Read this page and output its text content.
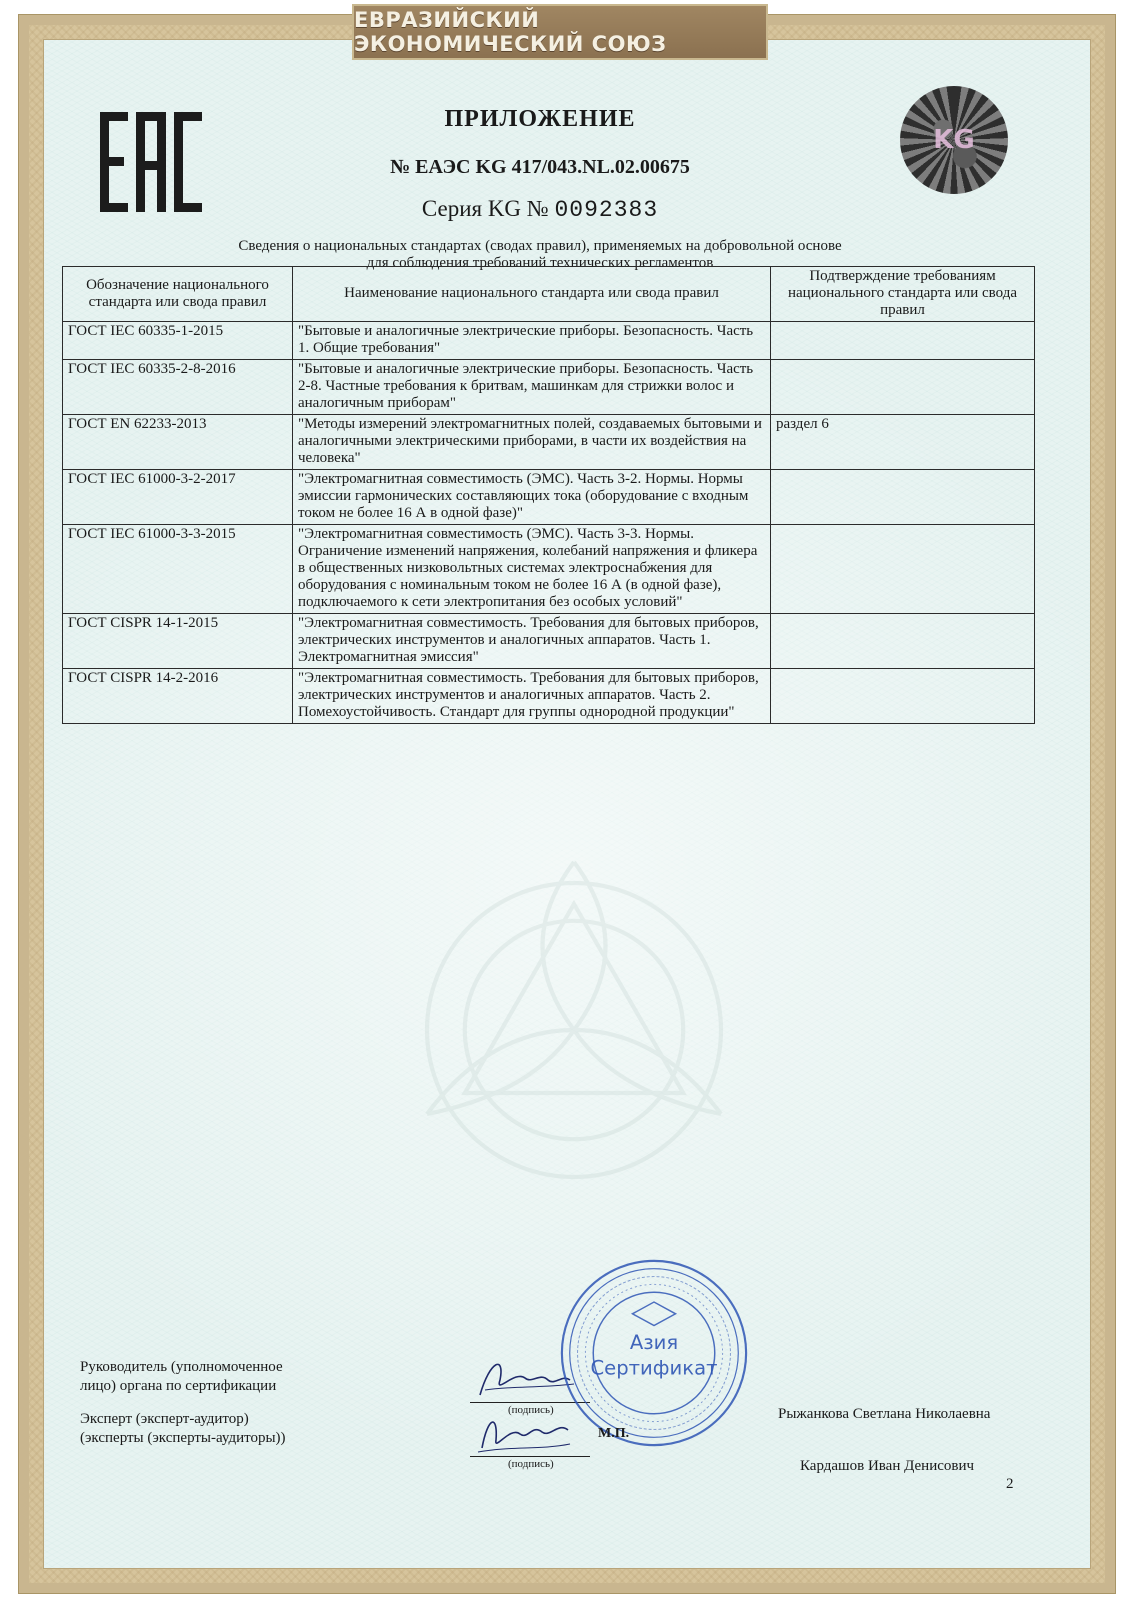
ЕВРАЗИЙСКИЙ ЭКОНОМИЧЕСКИЙ СОЮЗ
KG
ПРИЛОЖЕНИЕ
№ ЕАЭС KG 417/043.NL.02.00675
Серия KG № 0092383
Сведения о национальных стандартах (сводах правил), применяемых на добровольной основе
для соблюдения требований технических регламентов
Обозначение национального стандарта или свода правил	Наименование национального стандарта или свода правил	Подтверждение требованиям национального стандарта или свода правил
ГОСТ IEC 60335-1-2015	"Бытовые и аналогичные электрические приборы. Безопасность. Часть 1. Общие требования"	
ГОСТ IEC 60335-2-8-2016	"Бытовые и аналогичные электрические приборы. Безопасность. Часть 2-8. Частные требования к бритвам, машинкам для стрижки волос и аналогичным приборам"	
ГОСТ EN 62233-2013	"Методы измерений электромагнитных полей, создаваемых бытовыми и аналогичными электрическими приборами, в части их воздействия на человека"	раздел 6
ГОСТ IEC 61000-3-2-2017	"Электромагнитная совместимость (ЭМС). Часть 3-2. Нормы. Нормы эмиссии гармонических составляющих тока (оборудование с входным током не более 16 А в одной фазе)"	
ГОСТ IEC 61000-3-3-2015	"Электромагнитная совместимость (ЭМС). Часть 3-3. Нормы. Ограничение изменений напряжения, колебаний напряжения и фликера в общественных низковольтных системах электроснабжения для оборудования с номинальным током не более 16 А (в одной фазе), подключаемого к сети электропитания без особых условий"	
ГОСТ CISPR 14-1-2015	"Электромагнитная совместимость. Требования для бытовых приборов, электрических инструментов и аналогичных аппаратов. Часть 1. Электромагнитная эмиссия"	
ГОСТ CISPR 14-2-2016	"Электромагнитная совместимость. Требования для бытовых приборов, электрических инструментов и аналогичных аппаратов. Часть 2. Помехоустойчивость. Стандарт для группы однородной продукции"	
Руководитель (уполномоченное
лицо) органа по сертификации
Эксперт (эксперт-аудитор)
(эксперты (эксперты-аудиторы))
(подпись)
(подпись)
Азия
Сертификат
М.П.
Рыжанкова Светлана Николаевна
Кардашов Иван Денисович
2
